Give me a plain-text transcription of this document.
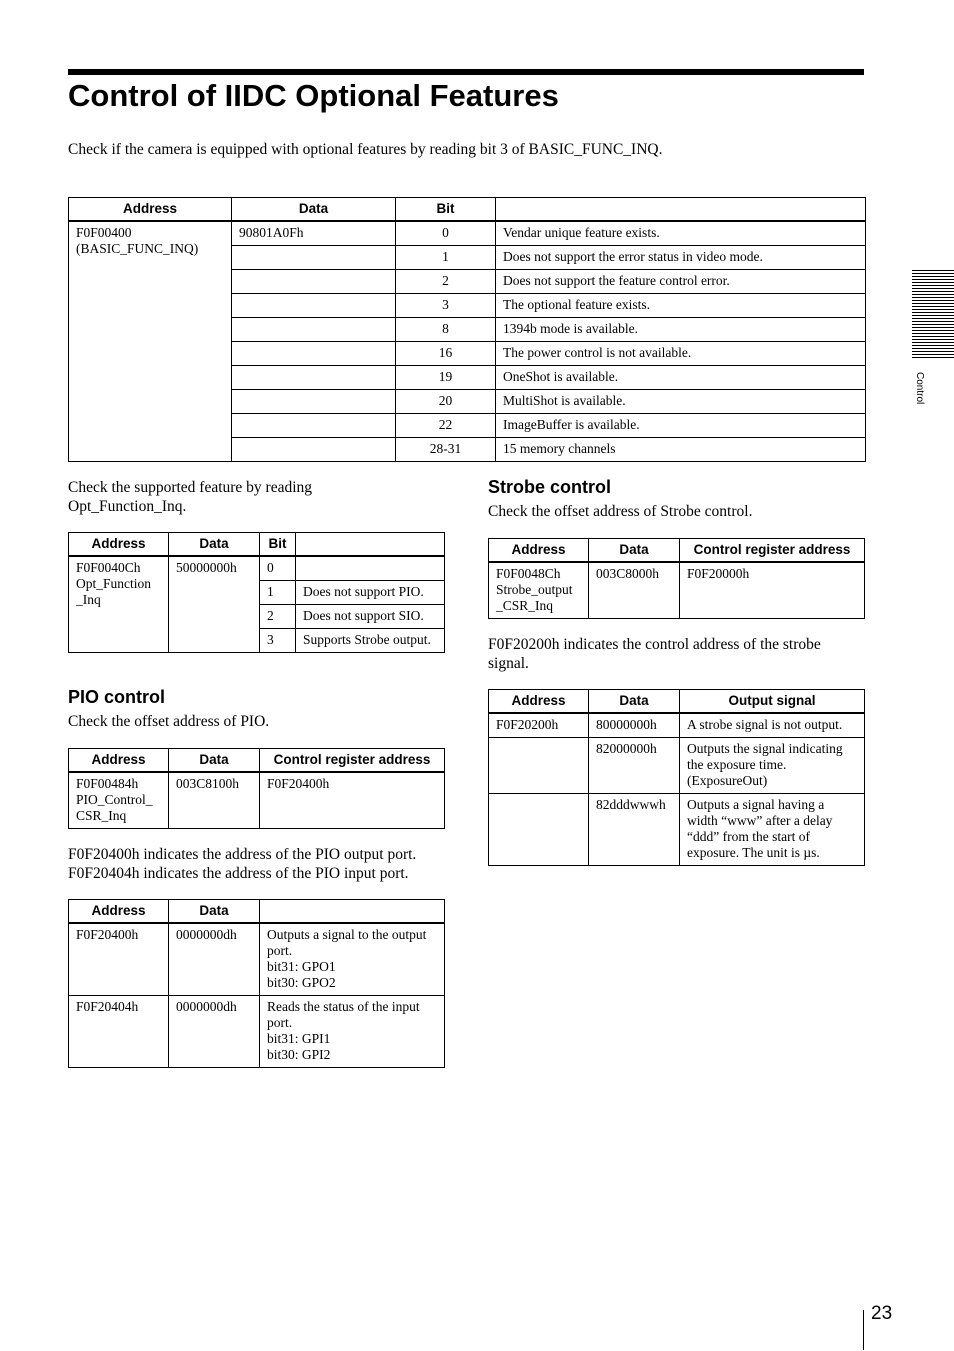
Control of IIDC Optional Features

Check if the camera is equipped with optional features by reading bit 3 of BASIC_FUNC_INQ.

Address	Data	Bit	
F0F00400
(BASIC_FUNC_INQ)	90801A0Fh	0	Vendar unique feature exists.
		1	Does not support the error status in video mode.
		2	Does not support the feature control error.
		3	The optional feature exists.
		8	1394b mode is available.
		16	The power control is not available.
		19	OneShot is available.
		20	MultiShot is available.
		22	ImageBuffer is available.
		28-31	15 memory channels

Check the supported feature by reading Opt_Function_Inq.

Address	Data	Bit	
F0F0040Ch
Opt_Function
_Inq	50000000h	0	
		1	Does not support PIO.
		2	Does not support SIO.
		3	Supports Strobe output.
PIO control

Check the offset address of PIO.

Address	Data	Control register address
F0F00484h
PIO_Control_
CSR_Inq	003C8100h	F0F20400h

F0F20400h indicates the address of the PIO output port.

F0F20404h indicates the address of the PIO input port.

Address	Data	
F0F20400h	0000000dh	Outputs a signal to the output port.
bit31: GPO1
bit30: GPO2
F0F20404h	0000000dh	Reads the status of the input port.
bit31: GPI1
bit30: GPI2
Strobe control

Check the offset address of Strobe control.

Address	Data	Control register address
F0F0048Ch
Strobe_output
_CSR_Inq	003C8000h	F0F20000h

F0F20200h indicates the control address of the strobe signal.

Address	Data	Output signal
F0F20200h	80000000h	A strobe signal is not output.
	82000000h	Outputs the signal indicating the exposure time. (ExposureOut)
	82dddwwwh	Outputs a signal having a width “www” after a delay “ddd” from the start of exposure. The unit is µs.
Control
23
